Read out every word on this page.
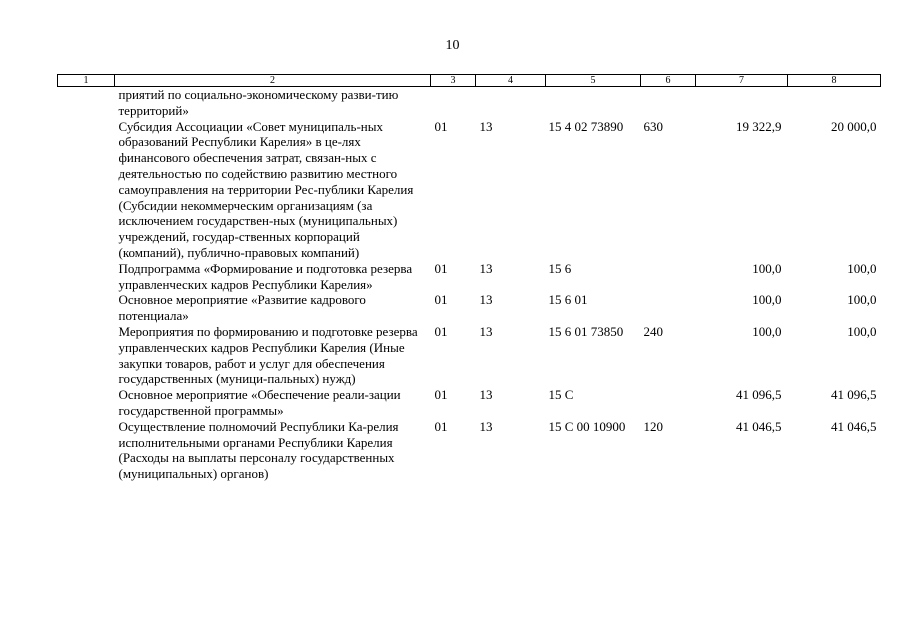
10
1	2	3	4	5	6	7	8
	приятий по социально-экономическому разви-тию территорий»						
	Субсидия Ассоциации «Совет муниципаль-ных образований Республики Карелия» в це-лях финансового обеспечения затрат, связан-ных с деятельностью по содействию развитию местного самоуправления на территории Рес-публики Карелия (Субсидии некоммерческим организациям (за исключением государствен-ных (муниципальных) учреждений, государ-ственных корпораций (компаний), публично-правовых компаний)	01	13	15 4 02 73890	630	19 322,9	20 000,0
	Подпрограмма «Формирование и подготовка резерва управленческих кадров Республики Карелия»	01	13	15 6		100,0	100,0
	Основное мероприятие «Развитие кадрового потенциала»	01	13	15 6 01		100,0	100,0
	Мероприятия по формированию и подготовке резерва управленческих кадров Республики Карелия (Иные закупки товаров, работ и услуг для обеспечения государственных (муници-пальных) нужд)	01	13	15 6 01 73850	240	100,0	100,0
	Основное мероприятие «Обеспечение реали-зации государственной программы»	01	13	15 С		41 096,5	41 096,5
	Осуществление полномочий Республики Ка-релия исполнительными органами Республики Карелия (Расходы на выплаты персоналу государственных (муниципальных) органов)	01	13	15 С 00 10900	120	41 046,5	41 046,5
